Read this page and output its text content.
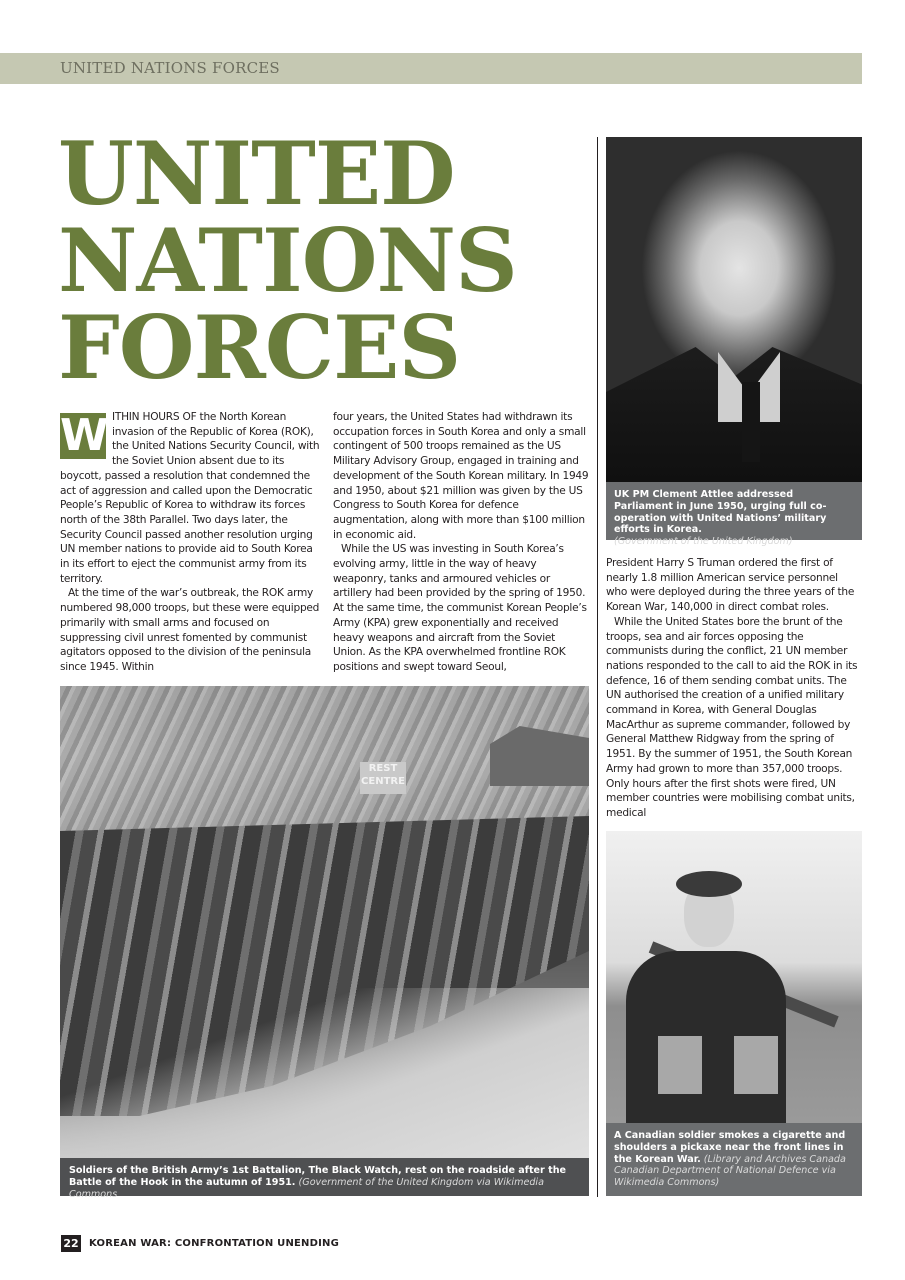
UNITED NATIONS FORCES
UNITED
NATIONS
FORCES
W ITHIN HOURS OF the North Korean invasion of the Republic of Korea (ROK), the United Nations Security Council, with the Soviet Union absent due to its boycott, passed a resolution that condemned the act of aggression and called upon the Democratic People’s Republic of Korea to withdraw its forces north of the 38th Parallel. Two days later, the Security Council passed another resolution urging UN member nations to provide aid to South Korea in its effort to eject the communist army from its territory.

At the time of the war’s outbreak, the ROK army numbered 98,000 troops, but these were equipped primarily with small arms and focused on suppressing civil unrest fomented by communist agitators opposed to the division of the peninsula since 1945. Within

four years, the United States had withdrawn its occupation forces in South Korea and only a small contingent of 500 troops remained as the US Military Advisory Group, engaged in training and development of the South Korean military. In 1949 and 1950, about $21 million was given by the US Congress to South Korea for defence augmentation, along with more than $100 million in economic aid.

While the US was investing in South Korea’s evolving army, little in the way of heavy weaponry, tanks and armoured vehicles or artillery had been provided by the spring of 1950. At the same time, the communist Korean People’s Army (KPA) grew exponentially and received heavy weapons and aircraft from the Soviet Union. As the KPA overwhelmed frontline ROK positions and swept toward Seoul,

UK PM Clement Attlee addressed Parliament in June 1950, urging full co-operation with United Nations’ military efforts in Korea.
(Government of the United Kingdom)

President Harry S Truman ordered the first of nearly 1.8 million American service personnel who were deployed during the three years of the Korean War, 140,000 in direct combat roles.

While the United States bore the brunt of the troops, sea and air forces opposing the communists during the conflict, 21 UN member nations responded to the call to aid the ROK in its defence, 16 of them sending combat units. The UN authorised the creation of a unified military command in Korea, with General Douglas MacArthur as supreme commander, followed by General Matthew Ridgway from the spring of 1951. By the summer of 1951, the South Korean Army had grown to more than 357,000 troops. Only hours after the first shots were fired, UN member countries were mobilising combat units, medical

REST CENTRE
Soldiers of the British Army’s 1st Battalion, The Black Watch, rest on the roadside after the Battle of the Hook in the autumn of 1951. (Government of the United Kingdom via Wikimedia Commons
A Canadian soldier smokes a cigarette and shoulders a pickaxe near the front lines in the Korean War. (Library and Archives Canada Canadian Department of National Defence via Wikimedia Commons)
22 KOREAN WAR: CONFRONTATION UNENDING
